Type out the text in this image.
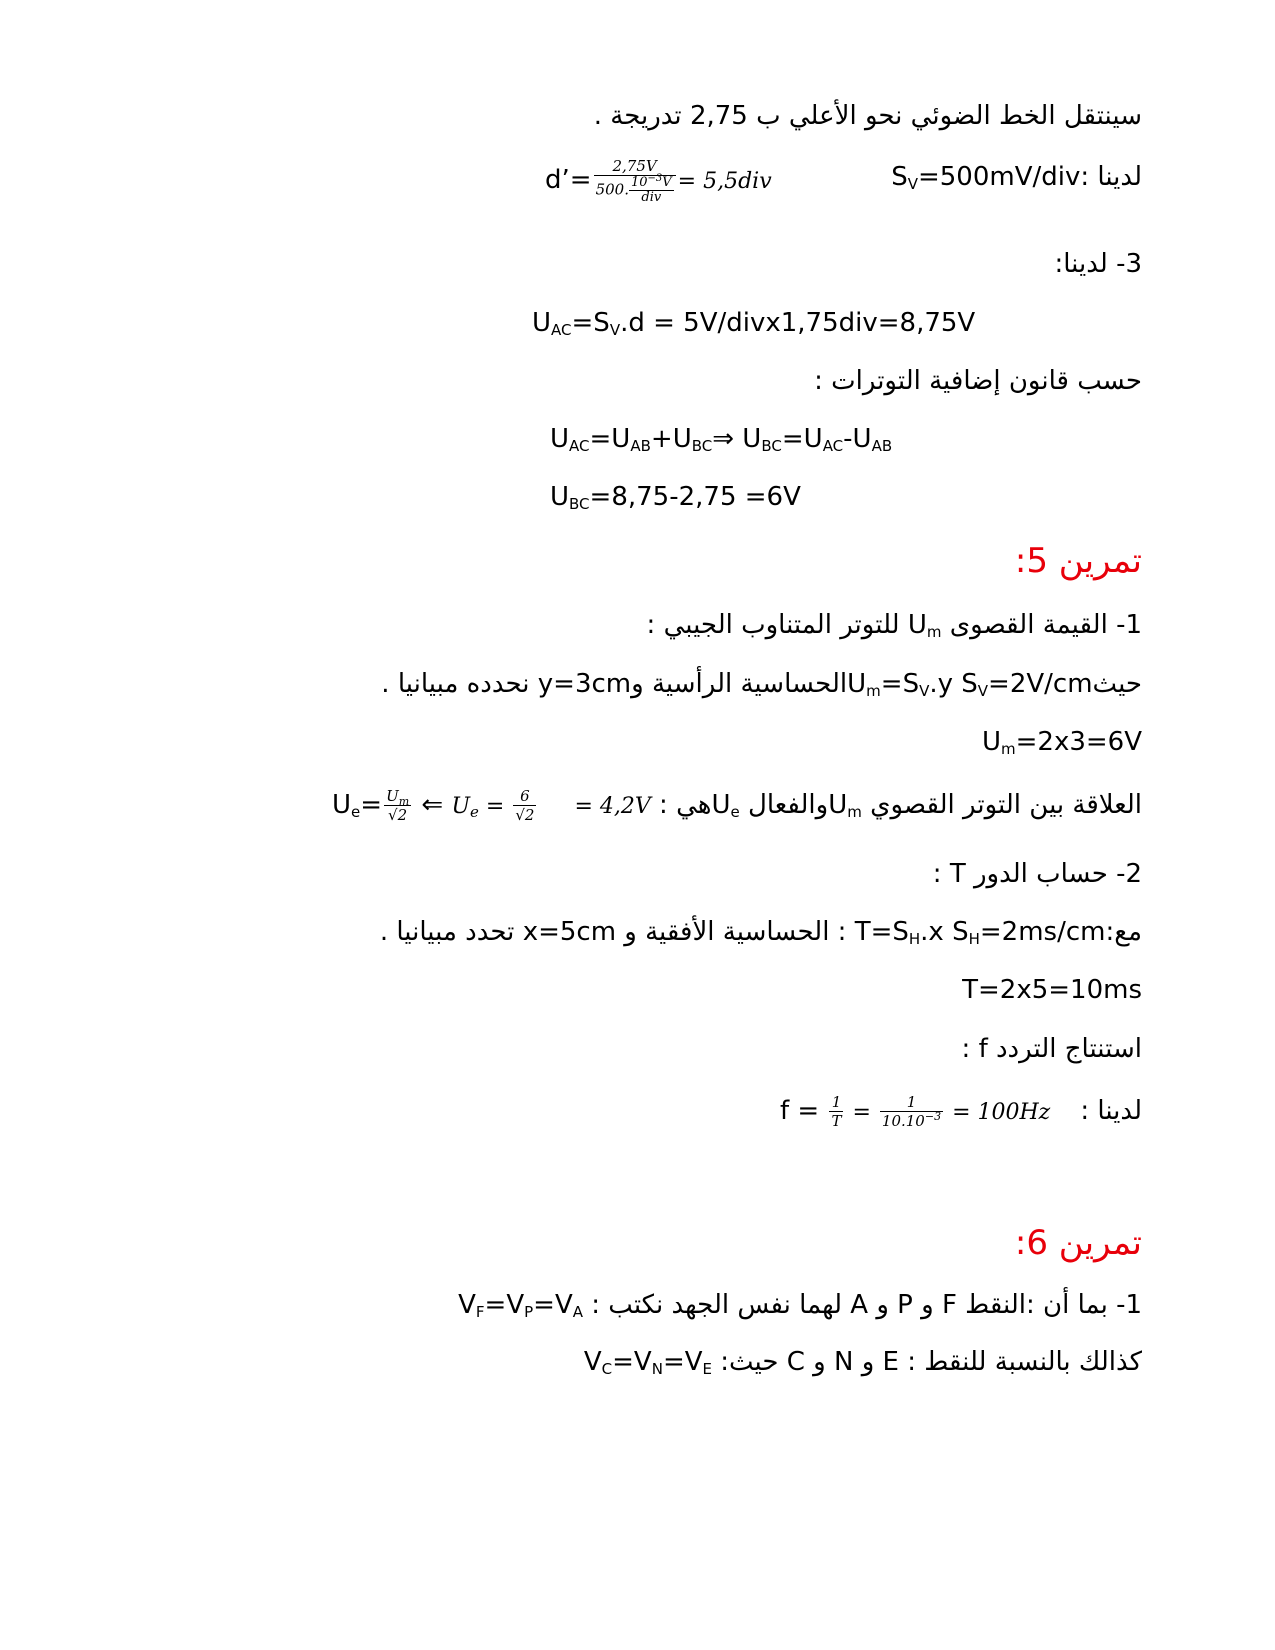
سينتقل الخط الضوئي نحو الأعلي ب 2,75 تدريجة .
لدينا $:S_V=500mV$/div
d’= $\frac{2,75V}{500. \frac{10^{-3}V}{\text{div}}} = 5,5div$
3- لدينا:
$U_{AC}=S_V.d$ = 5V/divx1,75div=8,75V
حسب قانون إضافية التوترات :
$U_{AC}=U_{AB}+U_{BC}\Rightarrow$ $U_{BC}=U_{AC}-U_{AB}$
$U_{BC}=8,75-2,75 =6V$
تمرين 5:
1- القيمة القصوى $U_m$ للتوتر المتناوب الجيبي :
$حيثU_m=S_V.y$ $S_V=2V$/cmالحساسية الرأسية وy=3cm نحدده مبيانيا .
$U_m=2x3=6V$
العلاقة بين التوتر القصوي $U_mوالفعال$ $U_eهي$ : = 4,2V
$U_e= \frac{U_m}{√2}$ ⇐ $U_e = \frac{6}{√2}$
2- حساب الدور T :
$مع:T=S_H.x$ $S_H=2ms/cm$ : الحساسية الأفقية و x=5cm تحدد مبيانيا .
T=2x5=10ms
استنتاج التردد f :
لدينا :
$f = \frac{1}{T} = \frac{1}{10.10^{-3}} = 100Hz$
تمرين 6:
1- بما أن :النقط F و P و A لهما نفس الجهد نكتب : $V_F=V_P=V_A$
كذالك بالنسبة للنقط : E و N و C حيث: $V_C=V_N=V_E$
